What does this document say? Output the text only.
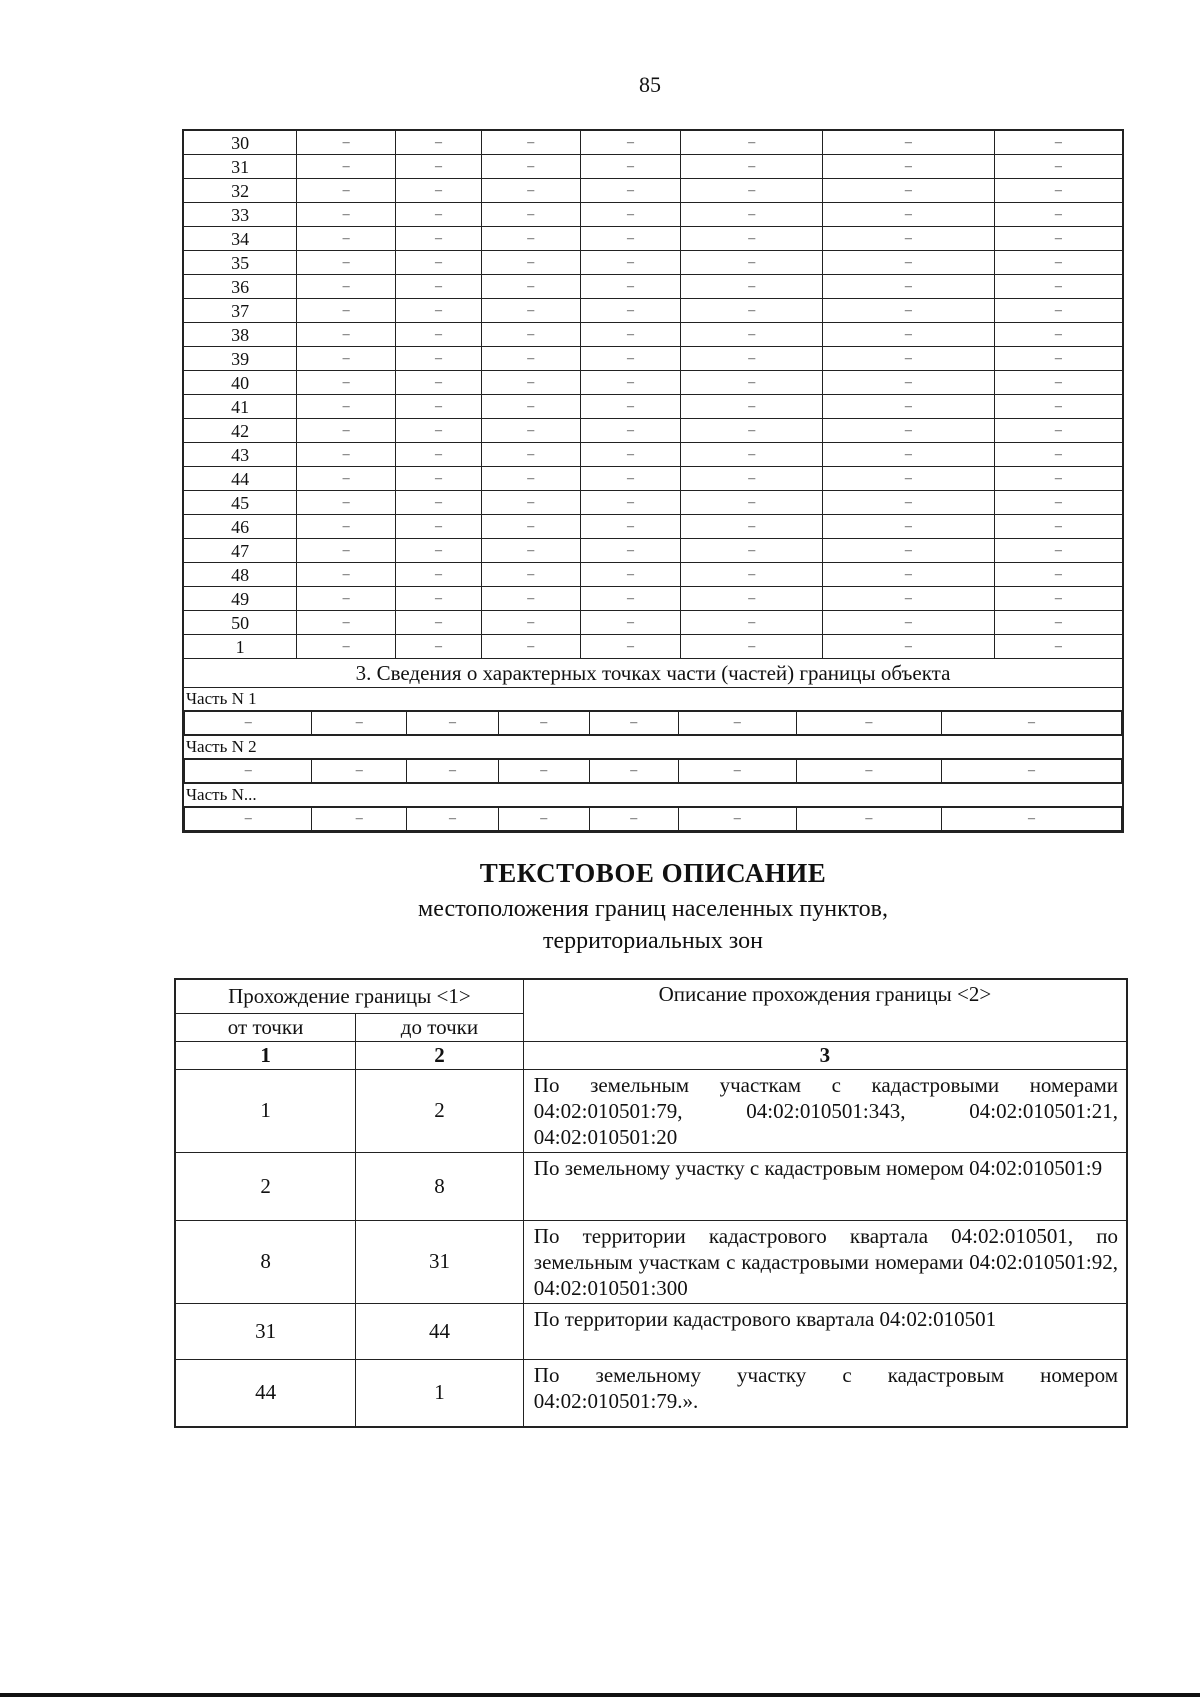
85
30	–	–	–	–	–	–	–
31	–	–	–	–	–	–	–
32	–	–	–	–	–	–	–
33	–	–	–	–	–	–	–
34	–	–	–	–	–	–	–
35	–	–	–	–	–	–	–
36	–	–	–	–	–	–	–
37	–	–	–	–	–	–	–
38	–	–	–	–	–	–	–
39	–	–	–	–	–	–	–
40	–	–	–	–	–	–	–
41	–	–	–	–	–	–	–
42	–	–	–	–	–	–	–
43	–	–	–	–	–	–	–
44	–	–	–	–	–	–	–
45	–	–	–	–	–	–	–
46	–	–	–	–	–	–	–
47	–	–	–	–	–	–	–
48	–	–	–	–	–	–	–
49	–	–	–	–	–	–	–
50	–	–	–	–	–	–	–
1	–	–	–	–	–	–	–
3. Сведения о характерных точках части (частей) границы объекта
Часть N 1

–	–	–	–	–	–	–	–

Часть N 2

–	–	–	–	–	–	–	–

Часть N...

–	–	–	–	–	–	–	–
ТЕКСТОВОЕ ОПИСАНИЕ
местоположения границ населенных пунктов,
территориальных зон
Прохождение границы <1>		Описание прохождения границы <2>
от точки	до точки	
1	2	3
1	2	По земельным участкам с кадастровыми номерами 04:02:010501:79, 04:02:010501:343, 04:02:010501:21, 04:02:010501:20
2	8	По земельному участку с кадастровым номером 04:02:010501:9
8	31	По территории кадастрового квартала 04:02:010501, по земельным участкам с кадастровыми номерами 04:02:010501:92, 04:02:010501:300
31	44	По территории кадастрового квартала 04:02:010501
44	1	По земельному участку с кадастровым номером 04:02:010501:79.».
